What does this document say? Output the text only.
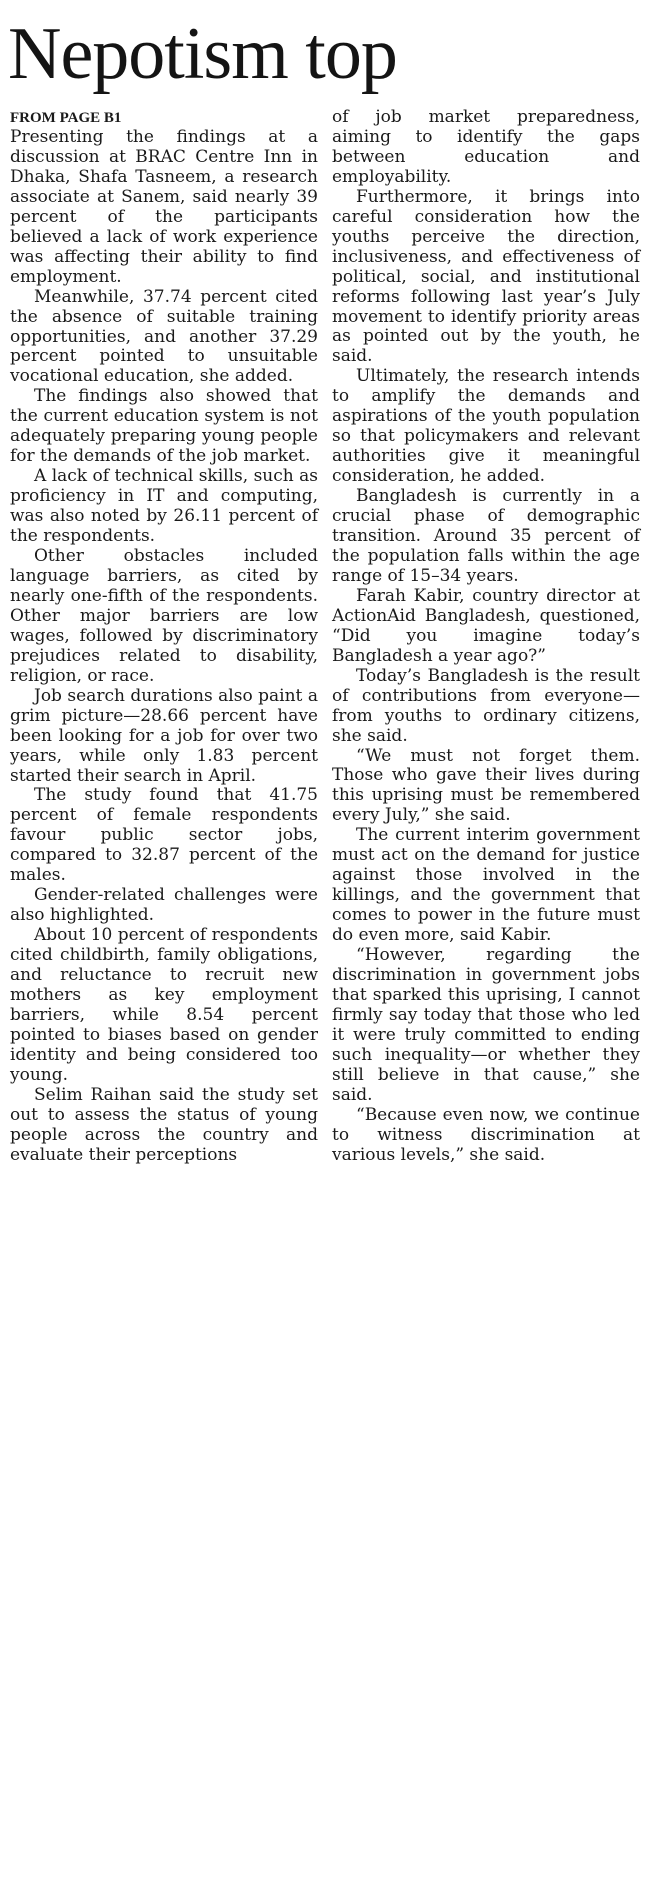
Nepotism top
FROM PAGE B1

Presenting the findings at a discussion at BRAC Centre Inn in Dhaka, Shafa Tasneem, a research associate at Sanem, said nearly 39 percent of the participants believed a lack of work experience was affecting their ability to find employment.

Meanwhile, 37.74 percent cited the absence of suitable training opportunities, and another 37.29 percent pointed to unsuitable vocational education, she added.

The findings also showed that the current education system is not adequately preparing young people for the demands of the job market.

A lack of technical skills, such as proficiency in IT and computing, was also noted by 26.11 percent of the respondents.

Other obstacles included language barriers, as cited by nearly one-fifth of the respondents. Other major barriers are low wages, followed by discriminatory prejudices related to disability, religion, or race.

Job search durations also paint a grim picture—28.66 percent have been looking for a job for over two years, while only 1.83 percent started their search in April.

The study found that 41.75 percent of female respondents favour public sector jobs, compared to 32.87 percent of the males.

Gender-related challenges were also highlighted.

About 10 percent of respondents cited childbirth, family obligations, and reluctance to recruit new mothers as key employment barriers, while 8.54 percent pointed to biases based on gender identity and being considered too young.

Selim Raihan said the study set out to assess the status of young people across the country and evaluate their perceptions

of job market preparedness, aiming to identify the gaps between education and employability.

Furthermore, it brings into careful consideration how the youths perceive the direction, inclusiveness, and effectiveness of political, social, and institutional reforms following last year’s July movement to identify priority areas as pointed out by the youth, he said.

Ultimately, the research intends to amplify the demands and aspirations of the youth population so that policymakers and relevant authorities give it meaningful consideration, he added.

Bangladesh is currently in a crucial phase of demographic transition. Around 35 percent of the population falls within the age range of 15–34 years.

Farah Kabir, country director at ActionAid Bangladesh, questioned, “Did you imagine today’s Bangladesh a year ago?”

Today’s Bangladesh is the result of contributions from everyone—from youths to ordinary citizens, she said.

“We must not forget them. Those who gave their lives during this uprising must be remembered every July,” she said.

The current interim government must act on the demand for justice against those involved in the killings, and the government that comes to power in the future must do even more, said Kabir.

“However, regarding the discrimination in government jobs that sparked this uprising, I cannot firmly say today that those who led it were truly committed to ending such inequality—or whether they still believe in that cause,” she said.

“Because even now, we continue to witness discrimination at various levels,” she said.
